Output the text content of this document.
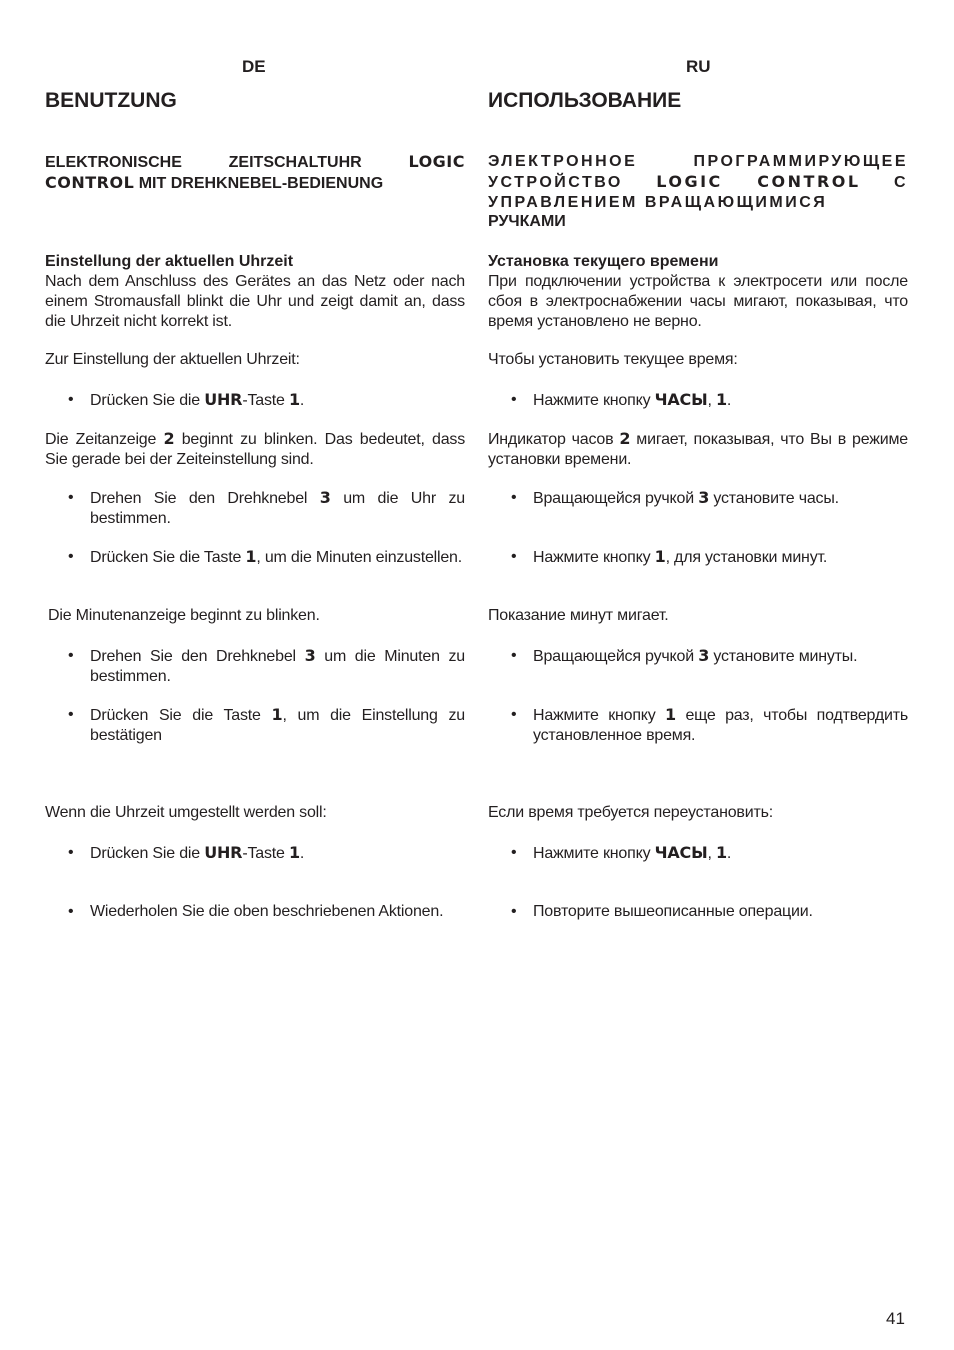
DE
BENUTZUNG
ELEKTRONISCHE ZEITSCHALTUHR LOGIC CONTROL MIT DREHKNEBEL-BEDIENUNG
Einstellung der aktuellen Uhrzeit
Nach dem Anschluss des Gerätes an das Netz oder nach einem Stromausfall blinkt die Uhr und zeigt damit an, dass die Uhrzeit nicht korrekt ist.
Zur Einstellung der aktuellen Uhrzeit:
• Drücken Sie die UHR-Taste 1.
Die Zeitanzeige 2 beginnt zu blinken. Das bedeutet, dass Sie gerade bei der Zeiteinstellung sind.
• Drehen Sie den Drehknebel 3 um die Uhr zu bestimmen.
• Drücken Sie die Taste 1, um die Minuten einzustellen.
Die Minutenanzeige beginnt zu blinken.
• Drehen Sie den Drehknebel 3 um die Minuten zu bestimmen.
• Drücken Sie die Taste 1, um die Einstellung zu bestätigen
Wenn die Uhrzeit umgestellt werden soll:
• Drücken Sie die UHR-Taste 1.
• Wiederholen Sie die oben beschriebenen Aktionen.
RU
ИСПОЛЬЗОВАНИЕ
ЭЛЕКТРОННОЕ ПРОГРАММИРУЮЩЕЕ УСТРОЙСТВО LOGIC CONTROL С УПРАВЛЕНИЕМ ВРАЩАЮЩИМИСЯ
РУЧКАМИ
Установка текущего времени
При подключении устройства к электросети или после сбоя в электроснабжении часы мигают, показывая, что время установлено не верно.
Чтобы установить текущее время:
• Нажмите кнопку ЧАСЫ, 1.
Индикатор часов 2 мигает, показывая, что Вы в режиме установки времени.
• Вращающейся ручкой 3 установите часы.
• Нажмите кнопку 1, для установки минут.
Показание минут мигает.
• Вращающейся ручкой 3 установите минуты.
• Нажмите кнопку 1 еще раз, чтобы подтвердить установленное время.
Если время требуется переустановить:
• Нажмите кнопку ЧАСЫ, 1.
• Повторите вышеописанные операции.
41
